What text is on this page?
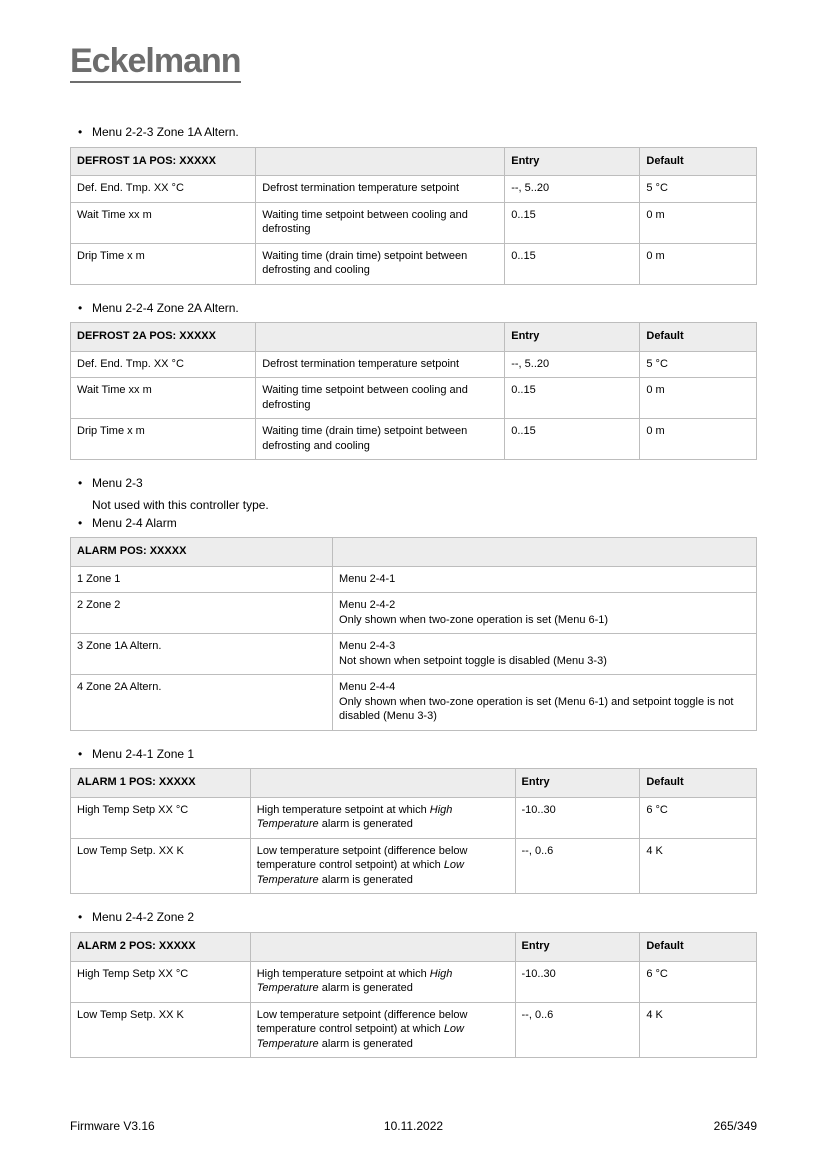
Eckelmann
• Menu 2-2-3 Zone 1A Altern.
DEFROST 1A POS: XXXXX		Entry	Default
Def. End. Tmp. XX °C	Defrost termination temperature setpoint	--, 5..20	5 °C
Wait Time xx m	Waiting time setpoint between cooling and defrosting	0..15	0 m
Drip Time x m	Waiting time (drain time) setpoint between defrosting and cooling	0..15	0 m
• Menu 2-2-4 Zone 2A Altern.
DEFROST 2A POS: XXXXX		Entry	Default
Def. End. Tmp. XX °C	Defrost termination temperature setpoint	--, 5..20	5 °C
Wait Time xx m	Waiting time setpoint between cooling and defrosting	0..15	0 m
Drip Time x m	Waiting time (drain time) setpoint between defrosting and cooling	0..15	0 m
• Menu 2-3
Not used with this controller type.
• Menu 2-4 Alarm
ALARM POS: XXXXX	
1 Zone 1	Menu 2-4-1

2 Zone 2	Menu 2-4-2
Only shown when two-zone operation is set (Menu 6-1)

3 Zone 1A Altern.	Menu 2-4-3
Not shown when setpoint toggle is disabled (Menu 3-3)

4 Zone 2A Altern.	Menu 2-4-4
Only shown when two-zone operation is set (Menu 6-1) and setpoint toggle is not disabled (Menu 3-3)
• Menu 2-4-1 Zone 1
ALARM 1 POS: XXXXX		Entry	Default
High Temp Setp XX °C	High temperature setpoint at which High Temperature alarm is generated	-10..30	6 °C
Low Temp Setp. XX K	Low temperature setpoint (difference below temperature control setpoint) at which Low Temperature alarm is generated	--, 0..6	4 K
• Menu 2-4-2 Zone 2
ALARM 2 POS: XXXXX		Entry	Default
High Temp Setp XX °C	High temperature setpoint at which High Temperature alarm is generated	-10..30	6 °C
Low Temp Setp. XX K	Low temperature setpoint (difference below temperature control setpoint) at which Low Temperature alarm is generated	--, 0..6	4 K
Firmware V3.16	10.11.2022	265/349
